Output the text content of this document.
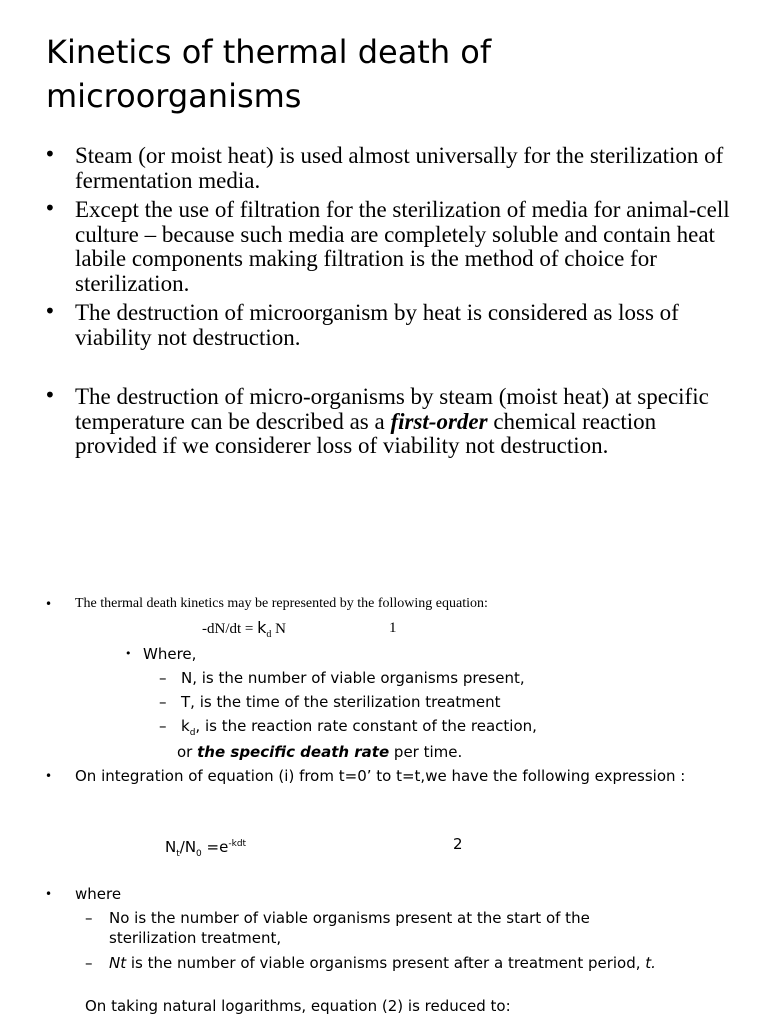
Kinetics of thermal death of microorganisms
• Steam (or moist heat) is used almost universally for the sterilization of fermentation media.
• Except the use of filtration for the sterilization of media for animal-cell culture – because such media are completely soluble and contain heat labile components making filtration is the method of choice for sterilization.
• The destruction of microorganism by heat is considered as loss of viability not destruction.
• The destruction of micro-organisms by steam (moist heat) at specific temperature can be described as a first-order chemical reaction provided if we considerer loss of viability not destruction.
• The thermal death kinetics may be represented by the following equation:
$-dN/dt = k_d$ N	1
• Where,
– N, is the number of viable organisms present,
– T, is the time of the sterilization treatment
– $k_d$, is the reaction rate constant of the reaction,
or the specific death rate per time.
• On integration of equation (i) from t=0’ to t=t,we have the following expression :
$N_t/N_0 =e^{-kdt}$	2
• where
– No is the number of viable organisms present at the start of the sterilization treatment,
– Nt is the number of viable organisms present after a treatment period, t.
On taking natural logarithms, equation (2) is reduced to:
